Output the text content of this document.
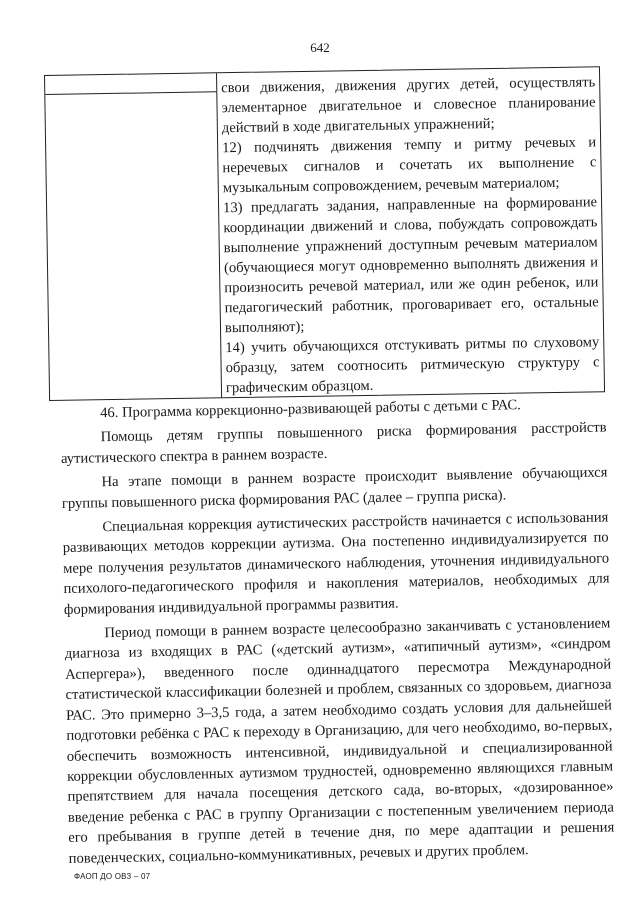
642

свои движения, движения других детей, осуществлять элементарное двигательное и словесное планирование действий в ходе двигательных упражнений;

12) подчинять движения темпу и ритму речевых и неречевых сигналов и сочетать их выполнение с музыкальным сопровождением, речевым материалом;

13) предлагать задания, направленные на формирование координации движений и слова, побуждать сопровождать выполнение упражнений доступным речевым материалом (обучающиеся могут одновременно выполнять движения и произносить речевой материал, или же один ребенок, или педагогический работник, проговаривает его, остальные выполняют);

14) учить обучающихся отстукивать ритмы по слуховому образцу, затем соотносить ритмическую структуру с графическим образцом.

46. Программа коррекционно-развивающей работы с детьми с РАС.

Помощь детям группы повышенного риска формирования расстройств аутистического спектра в раннем возрасте.

На этапе помощи в раннем возрасте происходит выявление обучающихся группы повышенного риска формирования РАС (далее – группа риска).

Специальная коррекция аутистических расстройств начинается с использования развивающих методов коррекции аутизма. Она постепенно индивидуализируется по мере получения результатов динамического наблюдения, уточнения индивидуального психолого-педагогического профиля и накопления материалов, необходимых для формирования индивидуальной программы развития.

Период помощи в раннем возрасте целесообразно заканчивать с установлением диагноза из входящих в РАС («детский аутизм», «атипичный аутизм», «синдром Аспергера»), введенного после одиннадцатого пересмотра Международной статистической классификации болезней и проблем, связанных со здоровьем, диагноза РАС. Это примерно 3–3,5 года, а затем необходимо создать условия для дальнейшей подготовки ребёнка с РАС к переходу в Организацию, для чего необходимо, во-первых, обеспечить возможность интенсивной, индивидуальной и специализированной коррекции обусловленных аутизмом трудностей, одновременно являющихся главным препятствием для начала посещения детского сада, во-вторых, «дозированное» введение ребенка с РАС в группу Организации с постепенным увеличением периода его пребывания в группе детей в течение дня, по мере адаптации и решения поведенческих, социально-коммуникативных, речевых и других проблем.

ФАОП ДО ОВЗ – 07
